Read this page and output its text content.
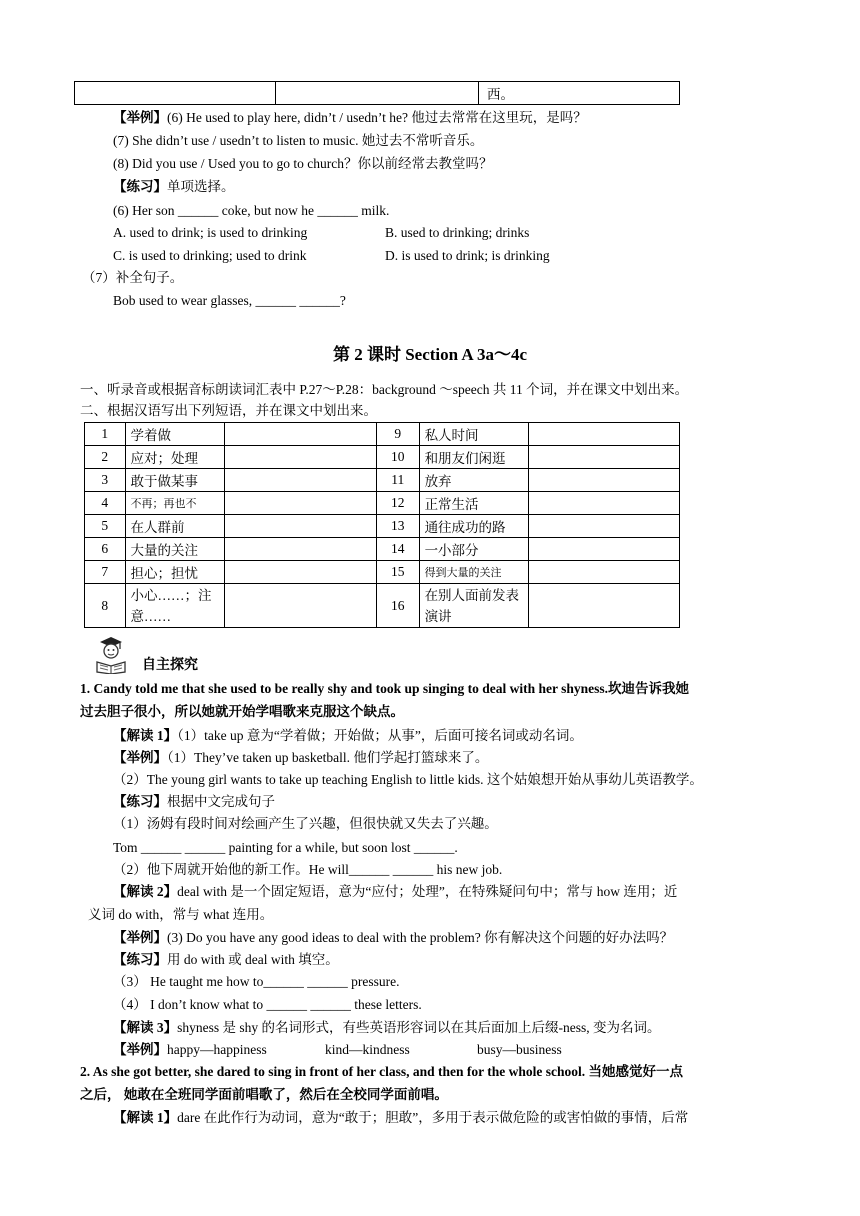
		西。
【举例】(6) He used to play here, didn’t / usedn’t he? 他过去常常在这里玩，是吗？
(7) She didn’t use / usedn’t to listen to music. 她过去不常听音乐。
(8) Did you use / Used you to go to church？你以前经常去教堂吗？
【练习】单项选择。
(6) Her son ______ coke, but now he ______ milk.
A. used to drink; is used to drinking	B. used to drinking; drinks
C. is used to drinking; used to drink	D. is used to drink; is drinking
（7）补全句子。
Bob used to wear glasses, ______ ______?
第 2 课时 Section A 3a～4c
一、听录音或根据音标朗读词汇表中 P.27～P.28：background ～speech 共 11 个词，并在课文中划出来。
二、根据汉语写出下列短语，并在课文中划出来。
1	学着做		9	私人时间	
2	应对；处理		10	和朋友们闲逛	
3	敢于做某事		11	放弃	
4	不再；再也不		12	正常生活	
5	在人群前		13	通往成功的路	
6	大量的关注		14	一小部分	
7	担心；担忧		15	得到大量的关注	
8	小心……；注意……		16	在别人面前发表演讲	
自主探究
1. Candy told me that she used to be really shy and took up singing to deal with her shyness.坎迪告诉我她
过去胆子很小，所以她就开始学唱歌来克服这个缺点。
【解读 1】（1）take up 意为“学着做；开始做；从事”，后面可接名词或动名词。
【举例】（1）They’ve taken up basketball. 他们学起打篮球来了。
（2）The young girl wants to take up teaching English to little kids. 这个姑娘想开始从事幼儿英语教学。
【练习】根据中文完成句子
（1）汤姆有段时间对绘画产生了兴趣，但很快就又失去了兴趣。
Tom ______ ______ painting for a while, but soon lost ______.
（2）他下周就开始他的新工作。He will______ ______ his new job.
【解读 2】deal with 是一个固定短语，意为“应付；处理”，在特殊疑问句中；常与 how 连用；近
义词 do with，常与 what 连用。
【举例】(3) Do you have any good ideas to deal with the problem? 你有解决这个问题的好办法吗？
【练习】用 do with 或 deal with 填空。
（3） He taught me how to______ ______ pressure.
（4） I don’t know what to ______ ______ these letters.
【解读 3】shyness 是 shy 的名词形式，有些英语形容词以在其后面加上后缀-ness, 变为名词。
【举例】happy—happiness	kind—kindness	busy—business
2. As she got better, she dared to sing in front of her class, and then for the whole school. 当她感觉好一点
之后， 她敢在全班同学面前唱歌了，然后在全校同学面前唱。
【解读 1】dare 在此作行为动词，意为“敢于；胆敢”，多用于表示做危险的或害怕做的事情，后常
